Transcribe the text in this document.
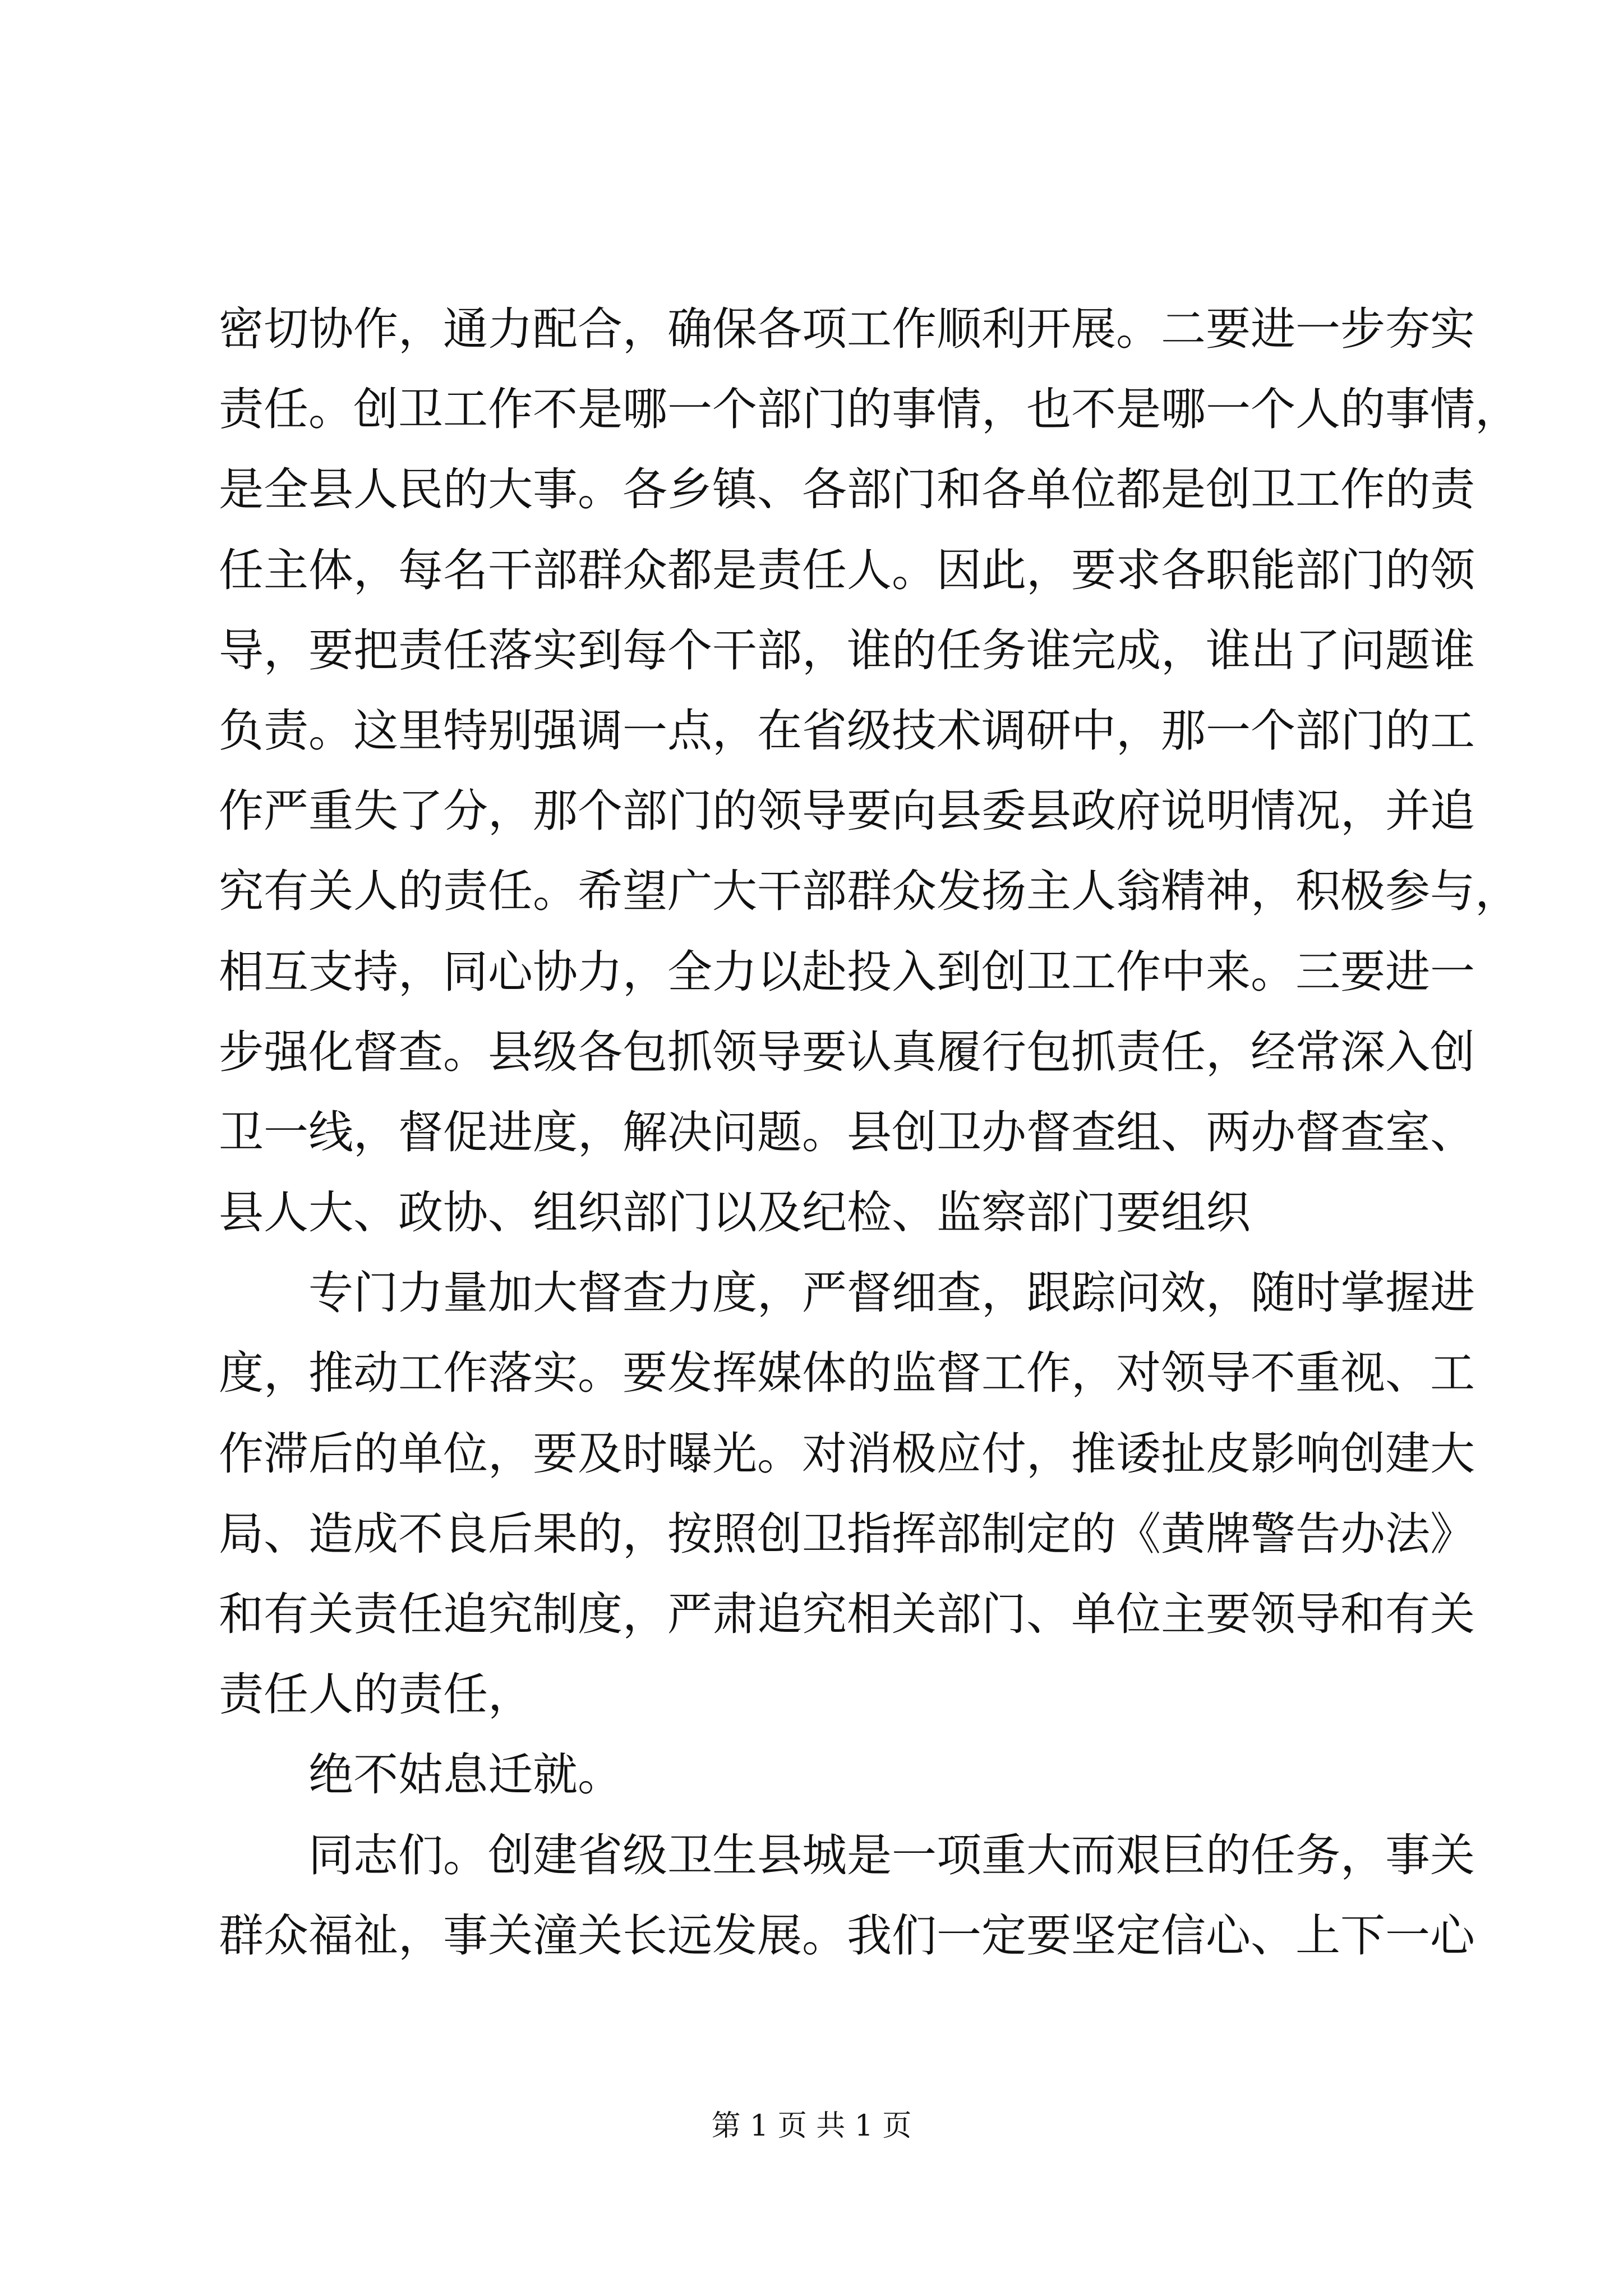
密切协作，通力配合，确保各项工作顺利开展。二要进一步夯实
责任。创卫工作不是哪一个部门的事情，也不是哪一个人的事情，
是全县人民的大事。各乡镇、各部门和各单位都是创卫工作的责
任主体，每名干部群众都是责任人。因此，要求各职能部门的领
导，要把责任落实到每个干部，谁的任务谁完成，谁出了问题谁
负责。这里特别强调一点，在省级技术调研中，那一个部门的工
作严重失了分，那个部门的领导要向县委县政府说明情况，并追
究有关人的责任。希望广大干部群众发扬主人翁精神，积极参与，
相互支持，同心协力，全力以赴投入到创卫工作中来。三要进一
步强化督查。县级各包抓领导要认真履行包抓责任，经常深入创
卫一线，督促进度，解决问题。县创卫办督查组、两办督查室、
县人大、政协、组织部门以及纪检、监察部门要组织
专门力量加大督查力度，严督细查，跟踪问效，随时掌握进
度，推动工作落实。要发挥媒体的监督工作，对领导不重视、工
作滞后的单位，要及时曝光。对消极应付，推诿扯皮影响创建大
局、造成不良后果的，按照创卫指挥部制定的《黄牌警告办法》
和有关责任追究制度，严肃追究相关部门、单位主要领导和有关
责任人的责任，
绝不姑息迁就。
同志们。创建省级卫生县城是一项重大而艰巨的任务，事关
群众福祉，事关潼关长远发展。我们一定要坚定信心、上下一心
第 1 页 共 1 页
